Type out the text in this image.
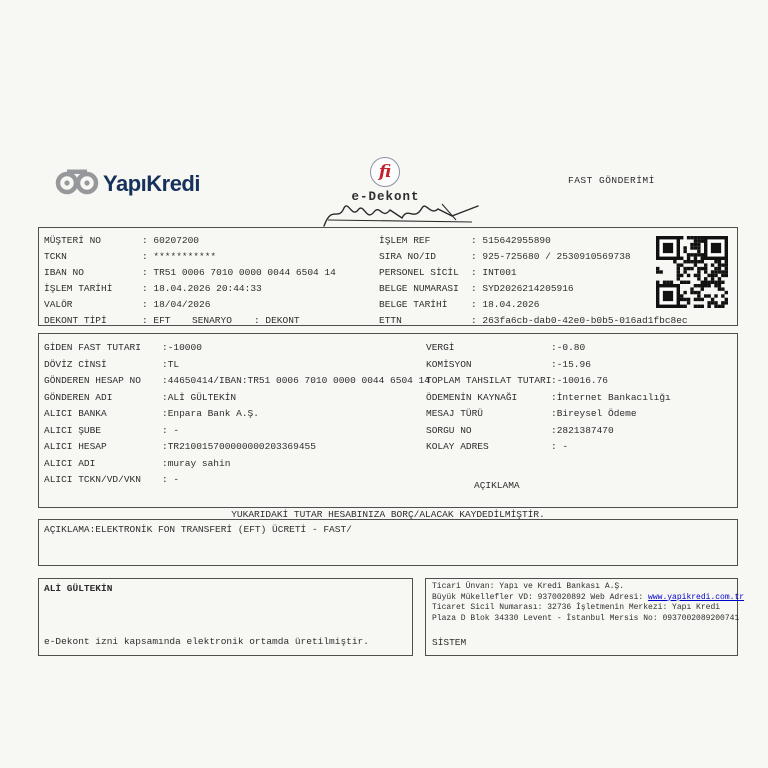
YapıKredi	fi
e-Dekont
FAST GÖNDERİMİ
MÜŞTERİ NO	: 60207200
TCKN	: ***********
IBAN NO	: TR51 0006 7010 0000 0044 6504 14
İŞLEM TARİHİ	: 18.04.2026 20:44:33
VALÖR	: 18/04/2026
DEKONT TİPİ	: EFT	SENARYO	: DEKONT
İŞLEM REF	: 515642955890
SIRA NO/ID	: 925-725680 / 2530910569738
PERSONEL SİCİL	: INT001
BELGE NUMARASI	: SYD2026214205916
BELGE TARİHİ	: 18.04.2026
ETTN	: 263fa6cb-dab0-42e0-b0b5-016ad1fbc8ec
GİDEN FAST TUTARI	:-10000
DÖVİZ CİNSİ	:TL
GÖNDEREN HESAP NO	:44650414/IBAN:TR51 0006 7010 0000 0044 6504 14
GÖNDEREN ADI	:ALİ GÜLTEKİN
ALICI BANKA	:Enpara Bank A.Ş.
ALICI ŞUBE	: -
ALICI HESAP	:TR210015700000000203369455
ALICI ADI	:muray sahin
ALICI TCKN/VD/VKN	: -
VERGİ	:-0.80
KOMİSYON	:-15.96
TOPLAM TAHSILAT TUTARI :-10016.76
ÖDEMENİN KAYNAĞI	:İnternet Bankacılığı
MESAJ TÜRÜ	:Bireysel Ödeme
SORGU NO	:2821387470
KOLAY ADRES	: -
AÇIKLAMA
YUKARIDAKİ TUTAR HESABINIZA BORÇ/ALACAK KAYDEDİLMİŞTİR.
AÇIKLAMA:ELEKTRONİK FON TRANSFERİ (EFT) ÜCRETİ - FAST/
ALİ GÜLTEKİN
e-Dekont izni kapsamında elektronik ortamda üretilmiştir.
Ticari Ünvan: Yapı ve Kredi Bankası A.Ş.
Büyük Mükellefler VD: 9370020892 Web Adresi: www.yapikredi.com.tr
Ticaret Sicil Numarası: 32736 İşletmenin Merkezi: Yapı Kredi
Plaza D Blok 34330 Levent - İstanbul Mersis No: 0937002089200741
SİSTEM
